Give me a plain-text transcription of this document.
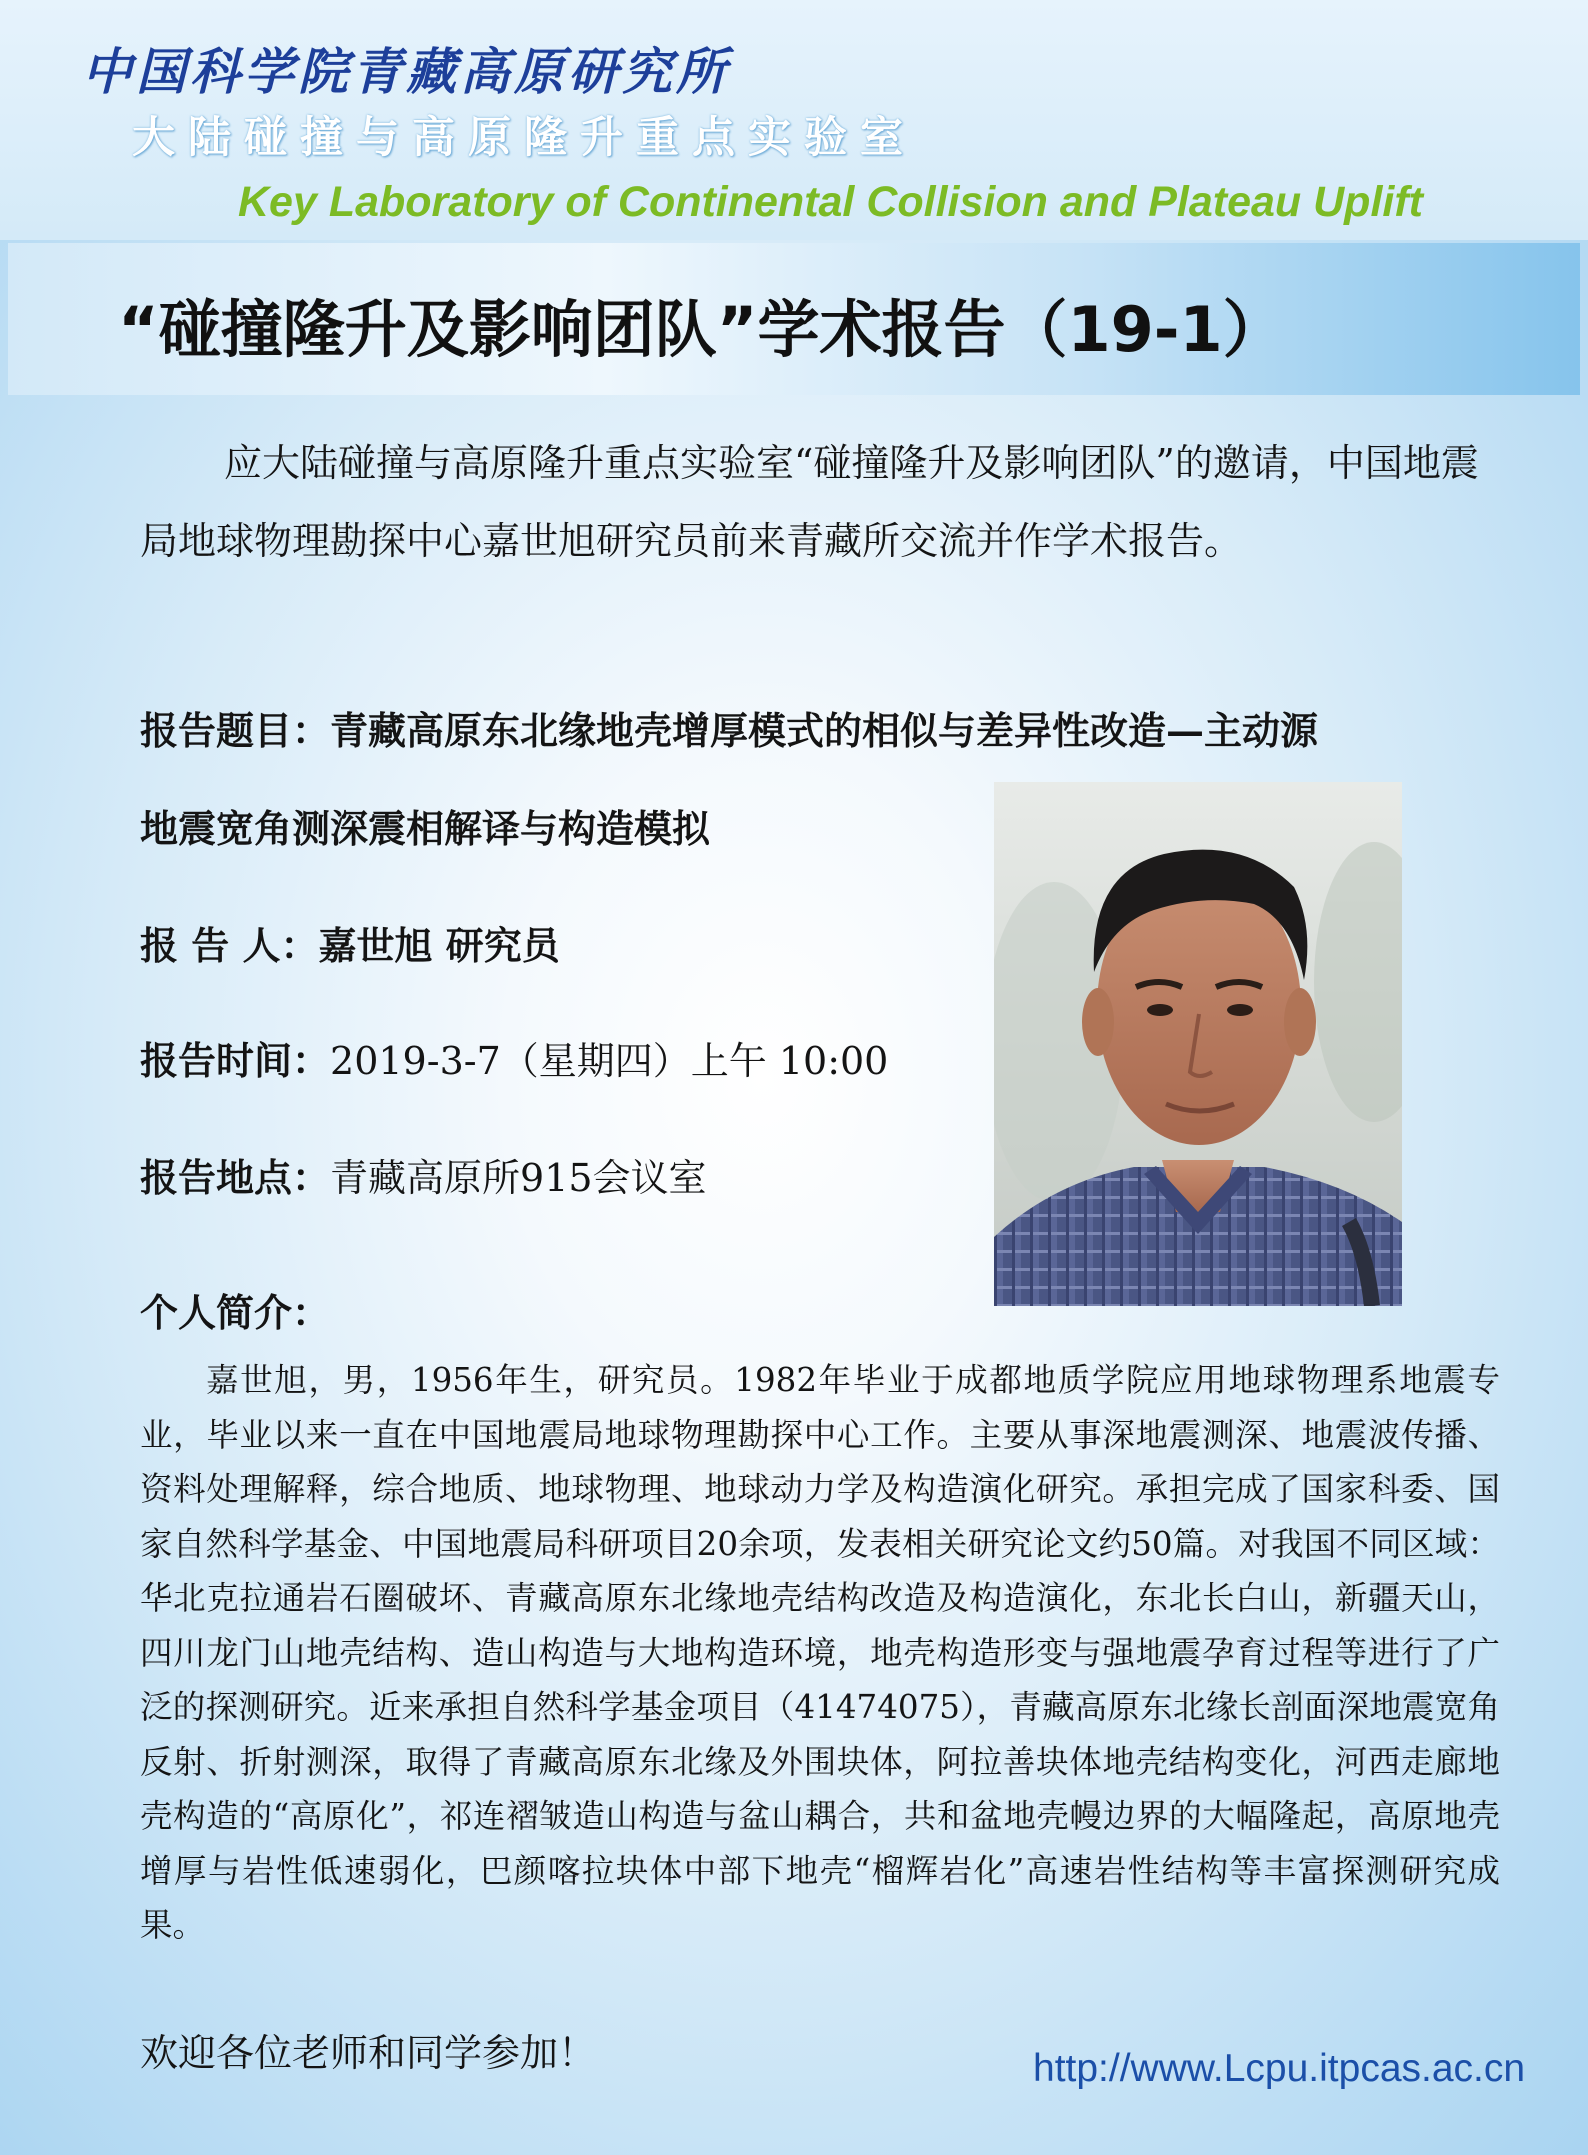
中国科学院青藏高原研究所
大陆碰撞与高原隆升重点实验室
Key Laboratory of Continental Collision and Plateau Uplift
“碰撞隆升及影响团队”学术报告（19-1）

应大陆碰撞与高原隆升重点实验室“碰撞隆升及影响团队”的邀请，中国地震局地球物理勘探中心嘉世旭研究员前来青藏所交流并作学术报告。

报告题目：青藏高原东北缘地壳增厚模式的相似与差异性改造—主动源
地震宽角测深震相解译与构造模拟
报 告 人：嘉世旭 研究员
报告时间：2019-3-7（星期四）上午 10:00
报告地点：青藏高原所915会议室
个人简介：

嘉世旭，男，1956年生，研究员。1982年毕业于成都地质学院应用地球物理系地震专业，毕业以来一直在中国地震局地球物理勘探中心工作。主要从事深地震测深、地震波传播、资料处理解释，综合地质、地球物理、地球动力学及构造演化研究。承担完成了国家科委、国家自然科学基金、中国地震局科研项目20余项，发表相关研究论文约50篇。对我国不同区域：华北克拉通岩石圈破坏、青藏高原东北缘地壳结构改造及构造演化，东北长白山，新疆天山，四川龙门山地壳结构、造山构造与大地构造环境，地壳构造形变与强地震孕育过程等进行了广泛的探测研究。近来承担自然科学基金项目（41474075），青藏高原东北缘长剖面深地震宽角反射、折射测深，取得了青藏高原东北缘及外围块体，阿拉善块体地壳结构变化，河西走廊地壳构造的“高原化”，祁连褶皱造山构造与盆山耦合，共和盆地壳幔边界的大幅隆起，高原地壳增厚与岩性低速弱化，巴颜喀拉块体中部下地壳“榴辉岩化”高速岩性结构等丰富探测研究成果。

欢迎各位老师和同学参加！	http://www.Lcpu.itpcas.ac.cn
